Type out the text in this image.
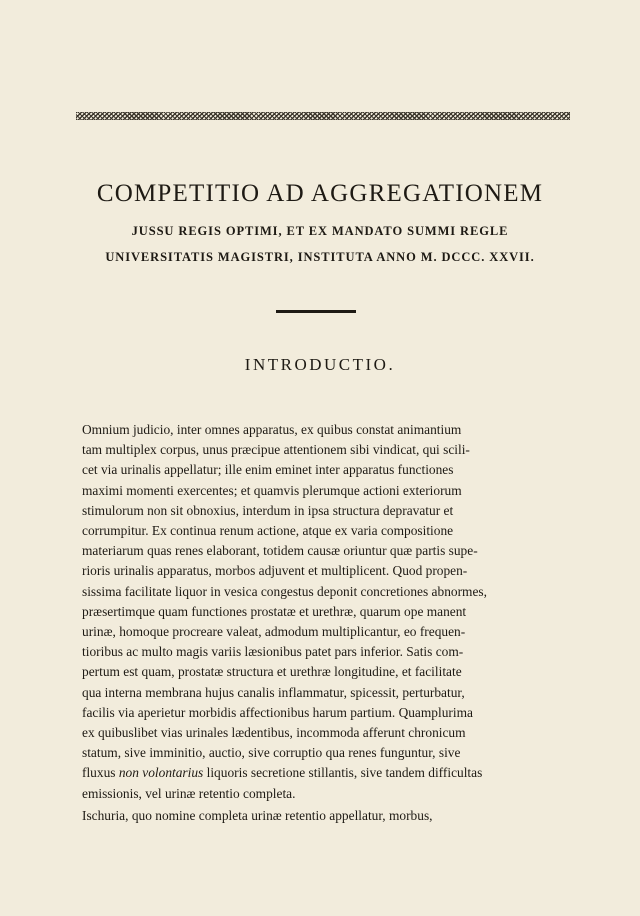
COMPETITIO AD AGGREGATIONEM
JUSSU REGIS OPTIMI, ET EX MANDATO SUMMI REGLE
UNIVERSITATIS MAGISTRI, INSTITUTA ANNO M. DCCC. XXVII.
INTRODUCTIO.
Omnium judicio, inter omnes apparatus, ex quibus constat animantium
tam multiplex corpus, unus præcipue attentionem sibi vindicat, qui scili-
cet via urinalis appellatur; ille enim eminet inter apparatus functiones
maximi momenti exercentes; et quamvis plerumque actioni exteriorum
stimulorum non sit obnoxius, interdum in ipsa structura depravatur et
corrumpitur. Ex continua renum actione, atque ex varia compositione
materiarum quas renes elaborant, totidem causæ oriuntur quæ partis supe-
rioris urinalis apparatus, morbos adjuvent et multiplicent. Quod propen-
sissima facilitate liquor in vesica congestus deponit concretiones abnormes,
præsertimque quam functiones prostatæ et urethræ, quarum ope manent
urinæ, homoque procreare valeat, admodum multiplicantur, eo frequen-
tioribus ac multo magis variis læsionibus patet pars inferior. Satis com-
pertum est quam, prostatæ structura et urethræ longitudine, et facilitate
qua interna membrana hujus canalis inflammatur, spicessit, perturbatur,
facilis via aperietur morbidis affectionibus harum partium. Quamplurima
ex quibuslibet vias urinales lædentibus, incommoda afferunt chronicum
statum, sive imminitio, auctio, sive corruptio qua renes funguntur, sive
fluxus non volontarius liquoris secretione stillantis, sive tandem difficultas
emissionis, vel urinæ retentio completa.
Ischuria, quo nomine completa urinæ retentio appellatur, morbus,
